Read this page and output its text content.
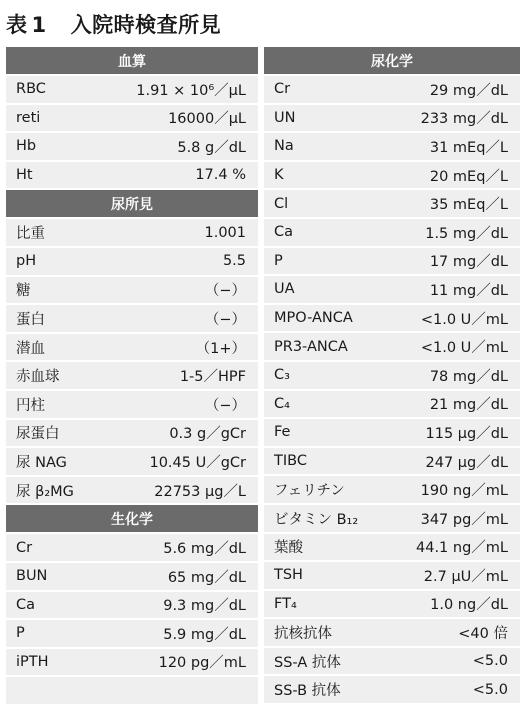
表 1 入院時検査所見
血算
RBC	1.91 × 10⁶／μL
reti	16000／μL
Hb	5.8 g／dL
Ht	17.4 %
尿所見
比重	1.001
pH	5.5
糖	（−）
蛋白	（−）
潜血	（1+）
赤血球	1-5／HPF
円柱	（−）
尿蛋白	0.3 g／gCr
尿 NAG	10.45 U／gCr
尿 β₂MG	22753 μg／L
生化学
Cr	5.6 mg／dL
BUN	65 mg／dL
Ca	9.3 mg／dL
P	5.9 mg／dL
iPTH	120 pg／mL
尿化学
Cr	29 mg／dL
UN	233 mg／dL
Na	31 mEq／L
K	20 mEq／L
Cl	35 mEq／L
Ca	1.5 mg／dL
P	17 mg／dL
UA	11 mg／dL
MPO-ANCA	<1.0 U／mL
PR3-ANCA	<1.0 U／mL
C₃	78 mg／dL
C₄	21 mg／dL
Fe	115 μg／dL
TIBC	247 μg／dL
フェリチン	190 ng／mL
ビタミン B₁₂	347 pg／mL
葉酸	44.1 ng／mL
TSH	2.7 μU／mL
FT₄	1.0 ng／dL
抗核抗体	<40 倍
SS-A 抗体	<5.0
SS-B 抗体	<5.0
